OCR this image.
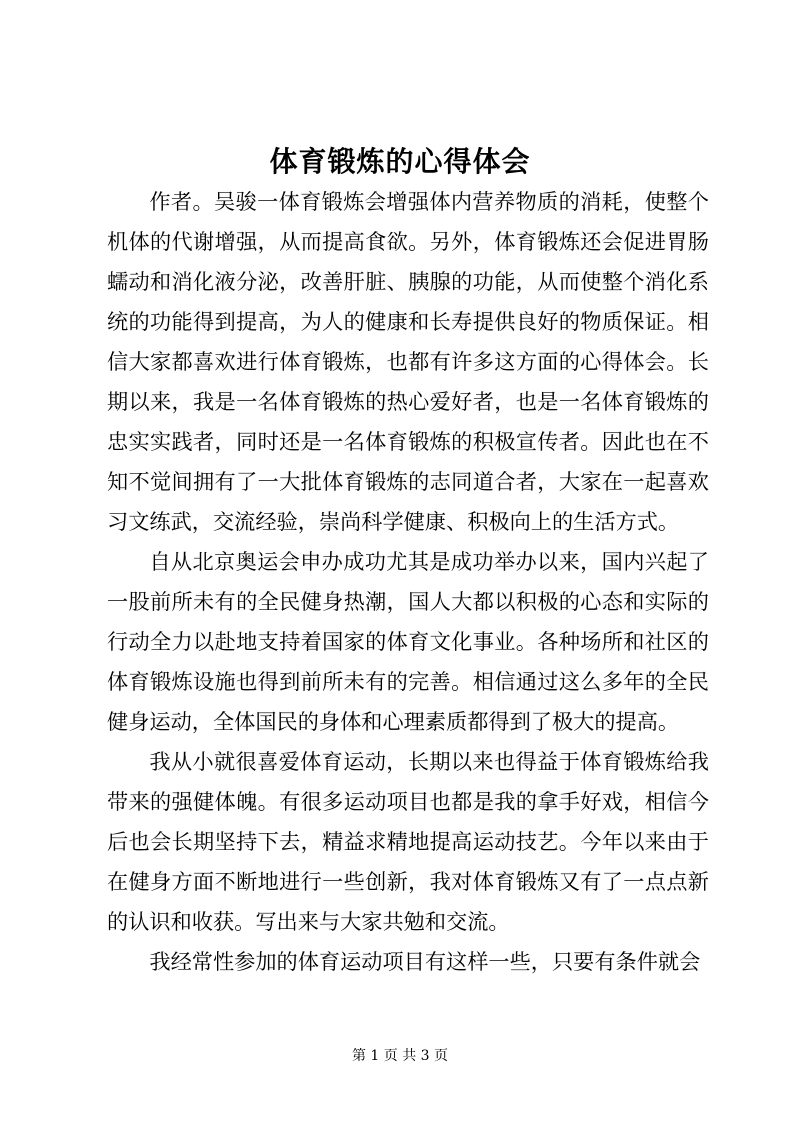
体育锻炼的心得体会

作者。吴骏一体育锻炼会增强体内营养物质的消耗，使整个机体的代谢增强，从而提高食欲。另外，体育锻炼还会促进胃肠蠕动和消化液分泌，改善肝脏、胰腺的功能，从而使整个消化系统的功能得到提高，为人的健康和长寿提供良好的物质保证。相信大家都喜欢进行体育锻炼，也都有许多这方面的心得体会。长期以来，我是一名体育锻炼的热心爱好者，也是一名体育锻炼的忠实实践者，同时还是一名体育锻炼的积极宣传者。因此也在不知不觉间拥有了一大批体育锻炼的志同道合者，大家在一起喜欢习文练武，交流经验，崇尚科学健康、积极向上的生活方式。

自从北京奥运会申办成功尤其是成功举办以来，国内兴起了一股前所未有的全民健身热潮，国人大都以积极的心态和实际的行动全力以赴地支持着国家的体育文化事业。各种场所和社区的体育锻炼设施也得到前所未有的完善。相信通过这么多年的全民健身运动，全体国民的身体和心理素质都得到了极大的提高。

我从小就很喜爱体育运动，长期以来也得益于体育锻炼给我带来的强健体魄。有很多运动项目也都是我的拿手好戏，相信今后也会长期坚持下去，精益求精地提高运动技艺。今年以来由于在健身方面不断地进行一些创新，我对体育锻炼又有了一点点新的认识和收获。写出来与大家共勉和交流。

我经常性参加的体育运动项目有这样一些，只要有条件就会

第 1 页 共 3 页
